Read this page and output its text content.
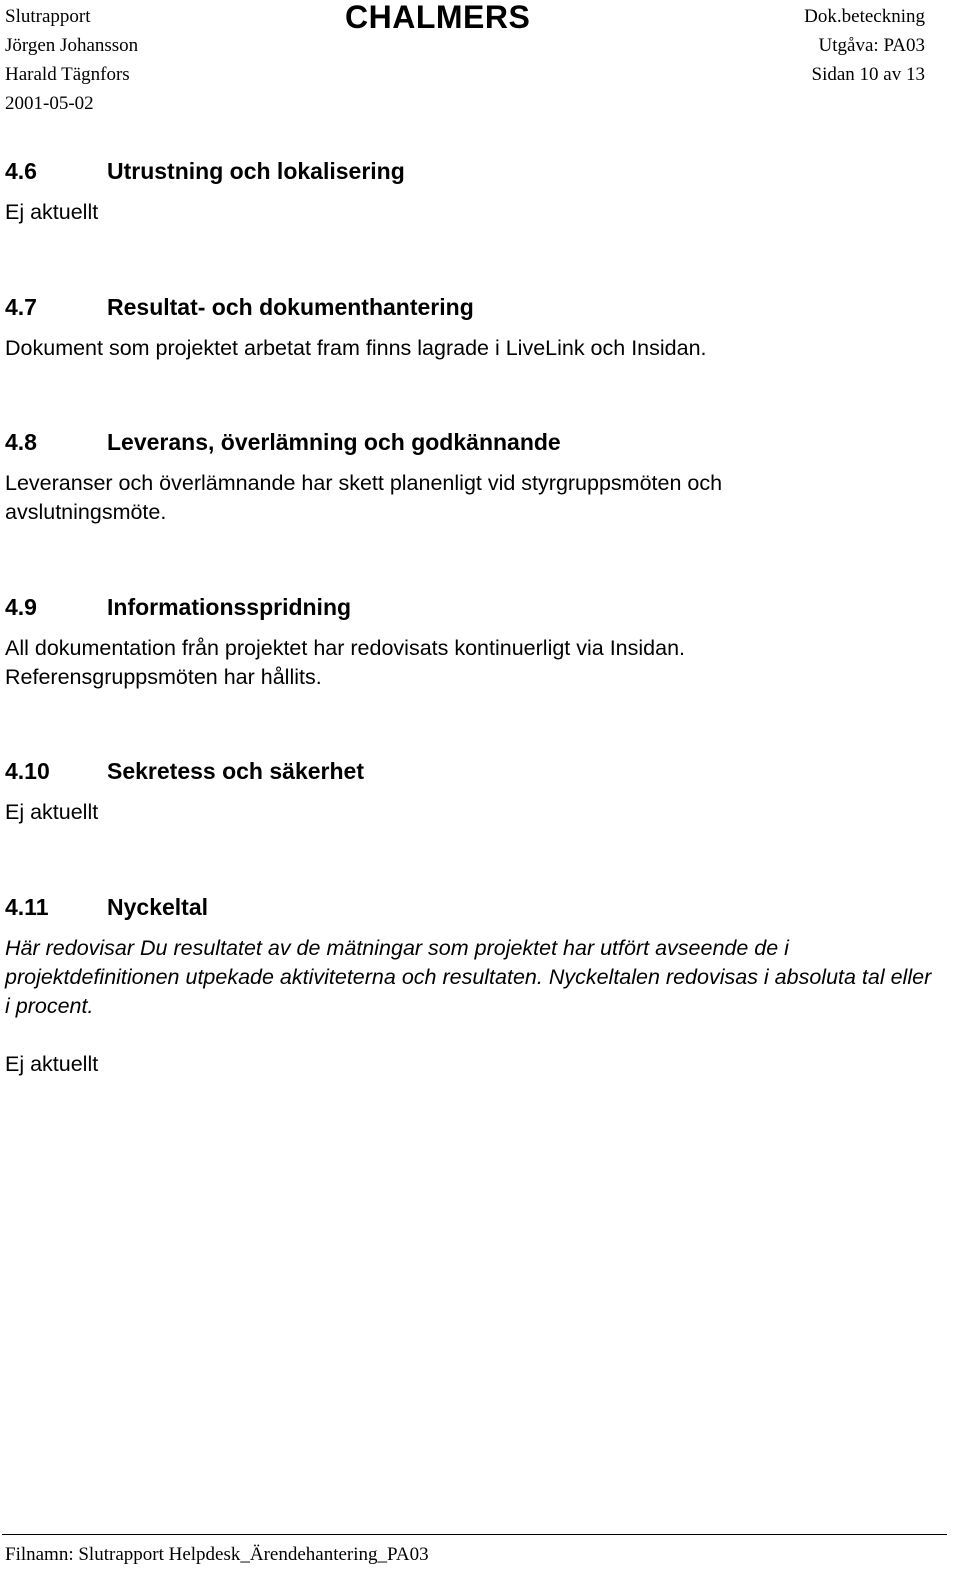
Slutrapport
Jörgen Johansson
Harald Tägnfors
2001-05-02
CHALMERS	Dok.beteckning
Utgåva: PA03
Sidan 10 av 13
4.6	Utrustning och lokalisering
Ej aktuellt
4.7	Resultat- och dokumenthantering
Dokument som projektet arbetat fram finns lagrade i LiveLink och Insidan.
4.8	Leverans, överlämning och godkännande
Leveranser och överlämnande har skett planenligt vid styrgruppsmöten och avslutningsmöte.
4.9	Informationsspridning
All dokumentation från projektet har redovisats kontinuerligt via Insidan. Referensgruppsmöten har hållits.
4.10 Sekretess och säkerhet
Ej aktuellt
4.11	Nyckeltal
Här redovisar Du resultatet av de mätningar som projektet har utfört avseende de i projektdefinitionen utpekade aktiviteterna och resultaten. Nyckeltalen redovisas i absoluta tal eller i procent.
Ej aktuellt
Filnamn: Slutrapport Helpdesk_Ärendehantering_PA03
